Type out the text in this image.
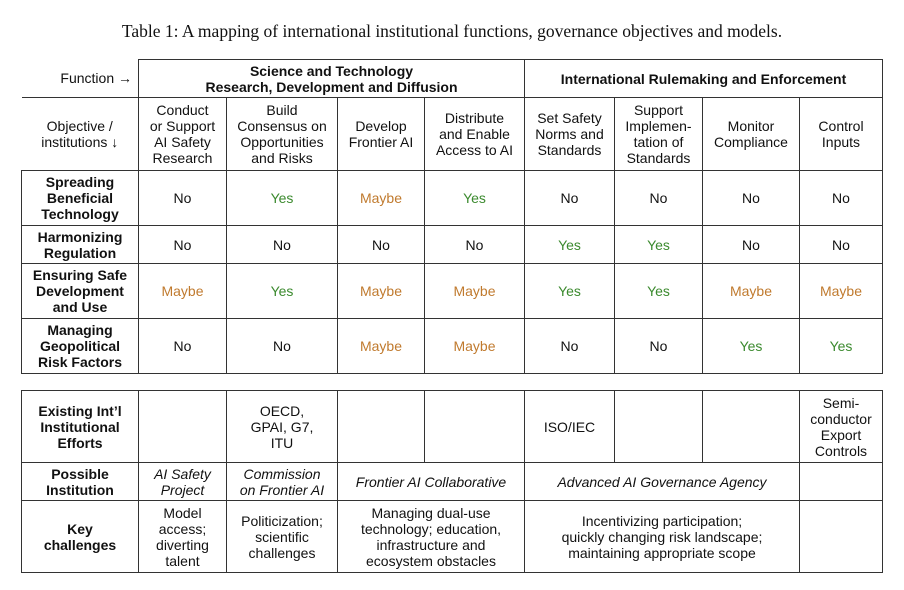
Table 1: A mapping of international institutional functions, governance objectives and models.
Function →	Science and Technology
Research, Development and Diffusion				International Rulemaking and Enforcement			
Objective /
institutions ↓	Conduct
or Support
AI Safety
Research	Build
Consensus on
Opportunities
and Risks	Develop
Frontier AI	Distribute
and Enable
Access to AI	Set Safety
Norms and
Standards	Support
Implemen-
tation of
Standards	Monitor
Compliance	Control
Inputs
Spreading
Beneficial
Technology	No	Yes	Maybe	Yes	No	No	No	No
Harmonizing
Regulation	No	No	No	No	Yes	Yes	No	No
Ensuring Safe
Development
and Use	Maybe	Yes	Maybe	Maybe	Yes	Yes	Maybe	Maybe
Managing
Geopolitical
Risk Factors	No	No	Maybe	Maybe	No	No	Yes	Yes
Existing Int’l
Institutional
Efforts		OECD,
GPAI, G7,
ITU			ISO/IEC			Semi-
conductor
Export
Controls
Possible
Institution	AI Safety
Project	Commission
on Frontier AI	Frontier AI Collaborative		Advanced AI Governance Agency			
Key
challenges	Model
access;
diverting
talent	Politicization;
scientific
challenges	Managing dual-use
technology; education,
infrastructure and
ecosystem obstacles		Incentivizing participation;
quickly changing risk landscape;
maintaining appropriate scope			
